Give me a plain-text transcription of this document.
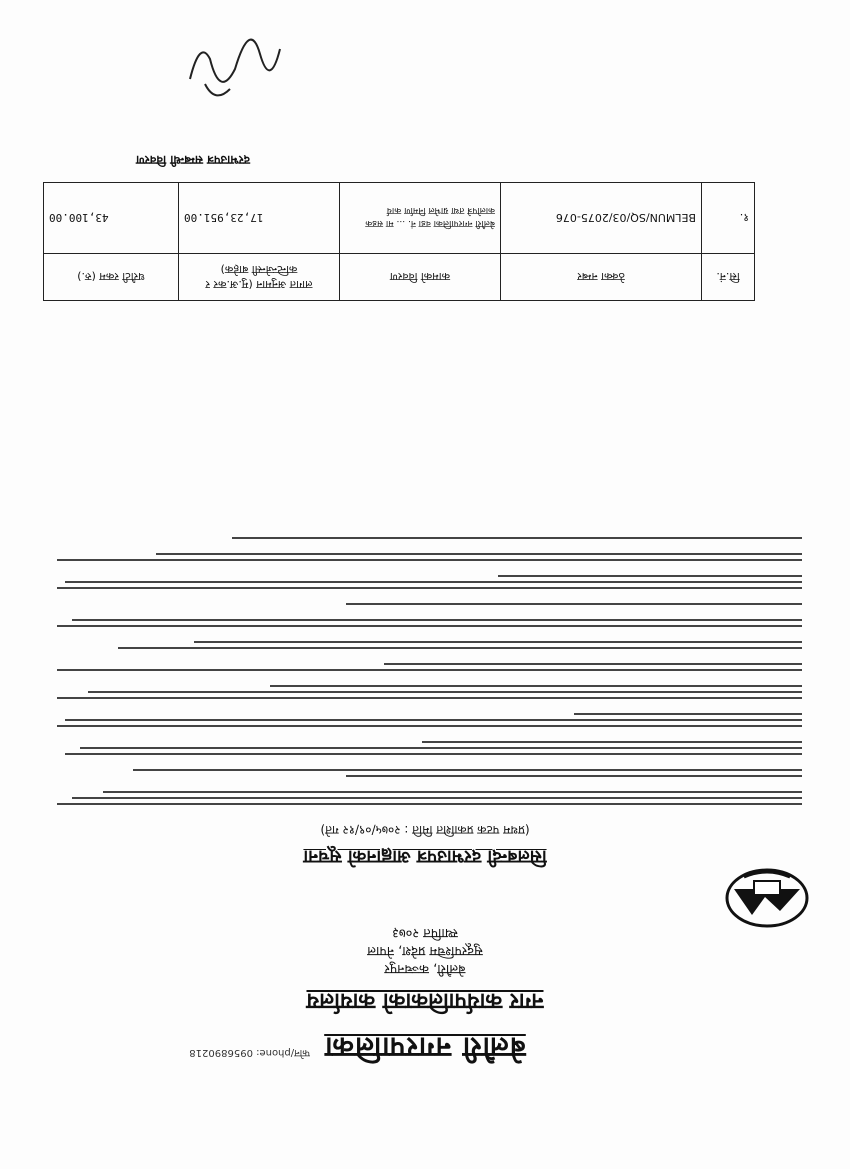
फोन/phone: 0956890218 बेलौरी नगरपालिका
नगर कार्यपालिकाको कार्यालय
बेलौरी, कञ्चनपुर
सुदूरपश्चिम प्रदेश, नेपाल
स्थापित २०७३
सिलबन्दी दरभाउपत्र आह्वानको सूचना
(प्रथम पटक प्रकाशित मिति : २०७५/०९/१२ गते)
सि.नं.	ठेक्का नम्बर	कामको विवरण	लागत अनुमान (मु.अ.कर र कन्टिन्जेन्सी बाहेक)	धरौटी रकम (रु.)
१.	BELMUN/SQ/03/2075-076	बेलौरी नगरपालिका वडा नं. ... मा सडक कालोपत्रे तथा ग्राभेल निर्माण कार्य	17,23,951.00	43,100.00
दरभाउपत्र सम्बन्धी विवरण
